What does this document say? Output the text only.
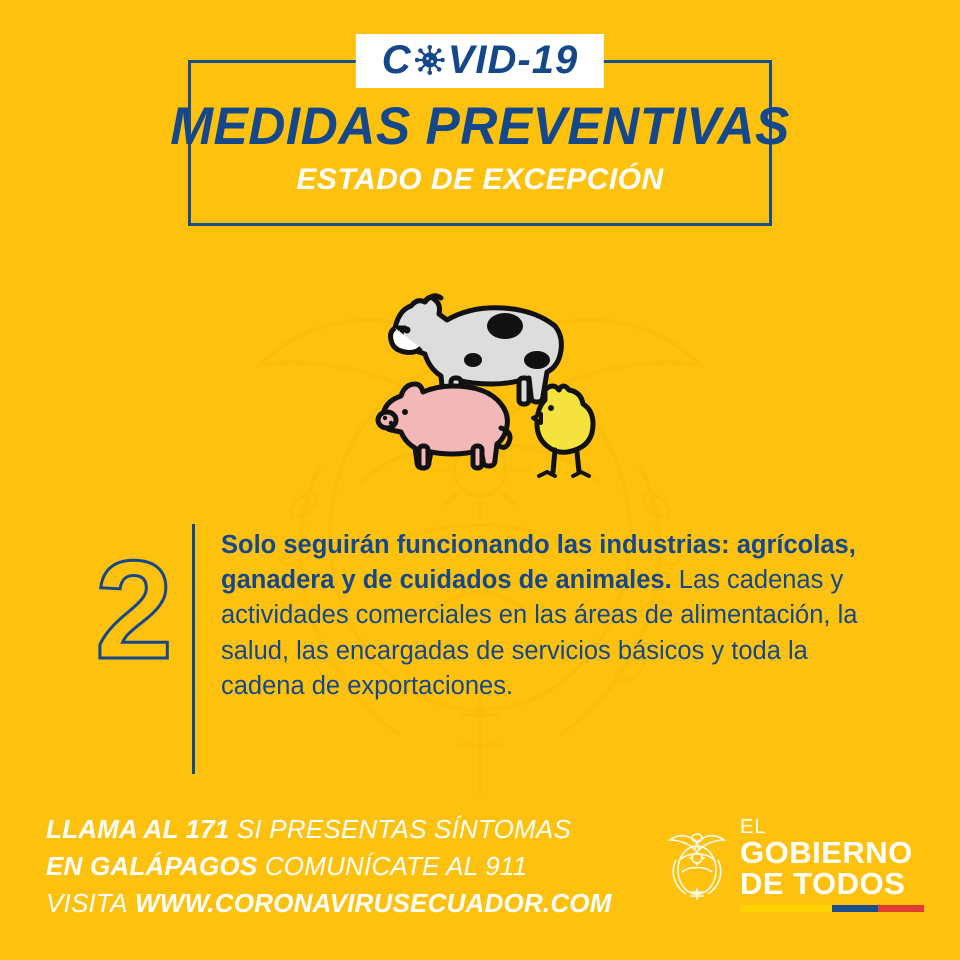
C VID-19
MEDIDAS PREVENTIVAS
ESTADO DE EXCEPCIÓN
2	Solo seguirán funcionando las industrias: agrícolas, ganadera y de cuidados de animales. Las cadenas y actividades comerciales en las áreas de alimentación, la salud, las encargadas de servicios básicos y toda la cadena de exportaciones.
LLAMA AL 171 SI PRESENTAS SÍNTOMAS
EN GALÁPAGOS COMUNÍCATE AL 911
VISITA WWW.CORONAVIRUSECUADOR.COM
EL
GOBIERNO
DE TODOS
